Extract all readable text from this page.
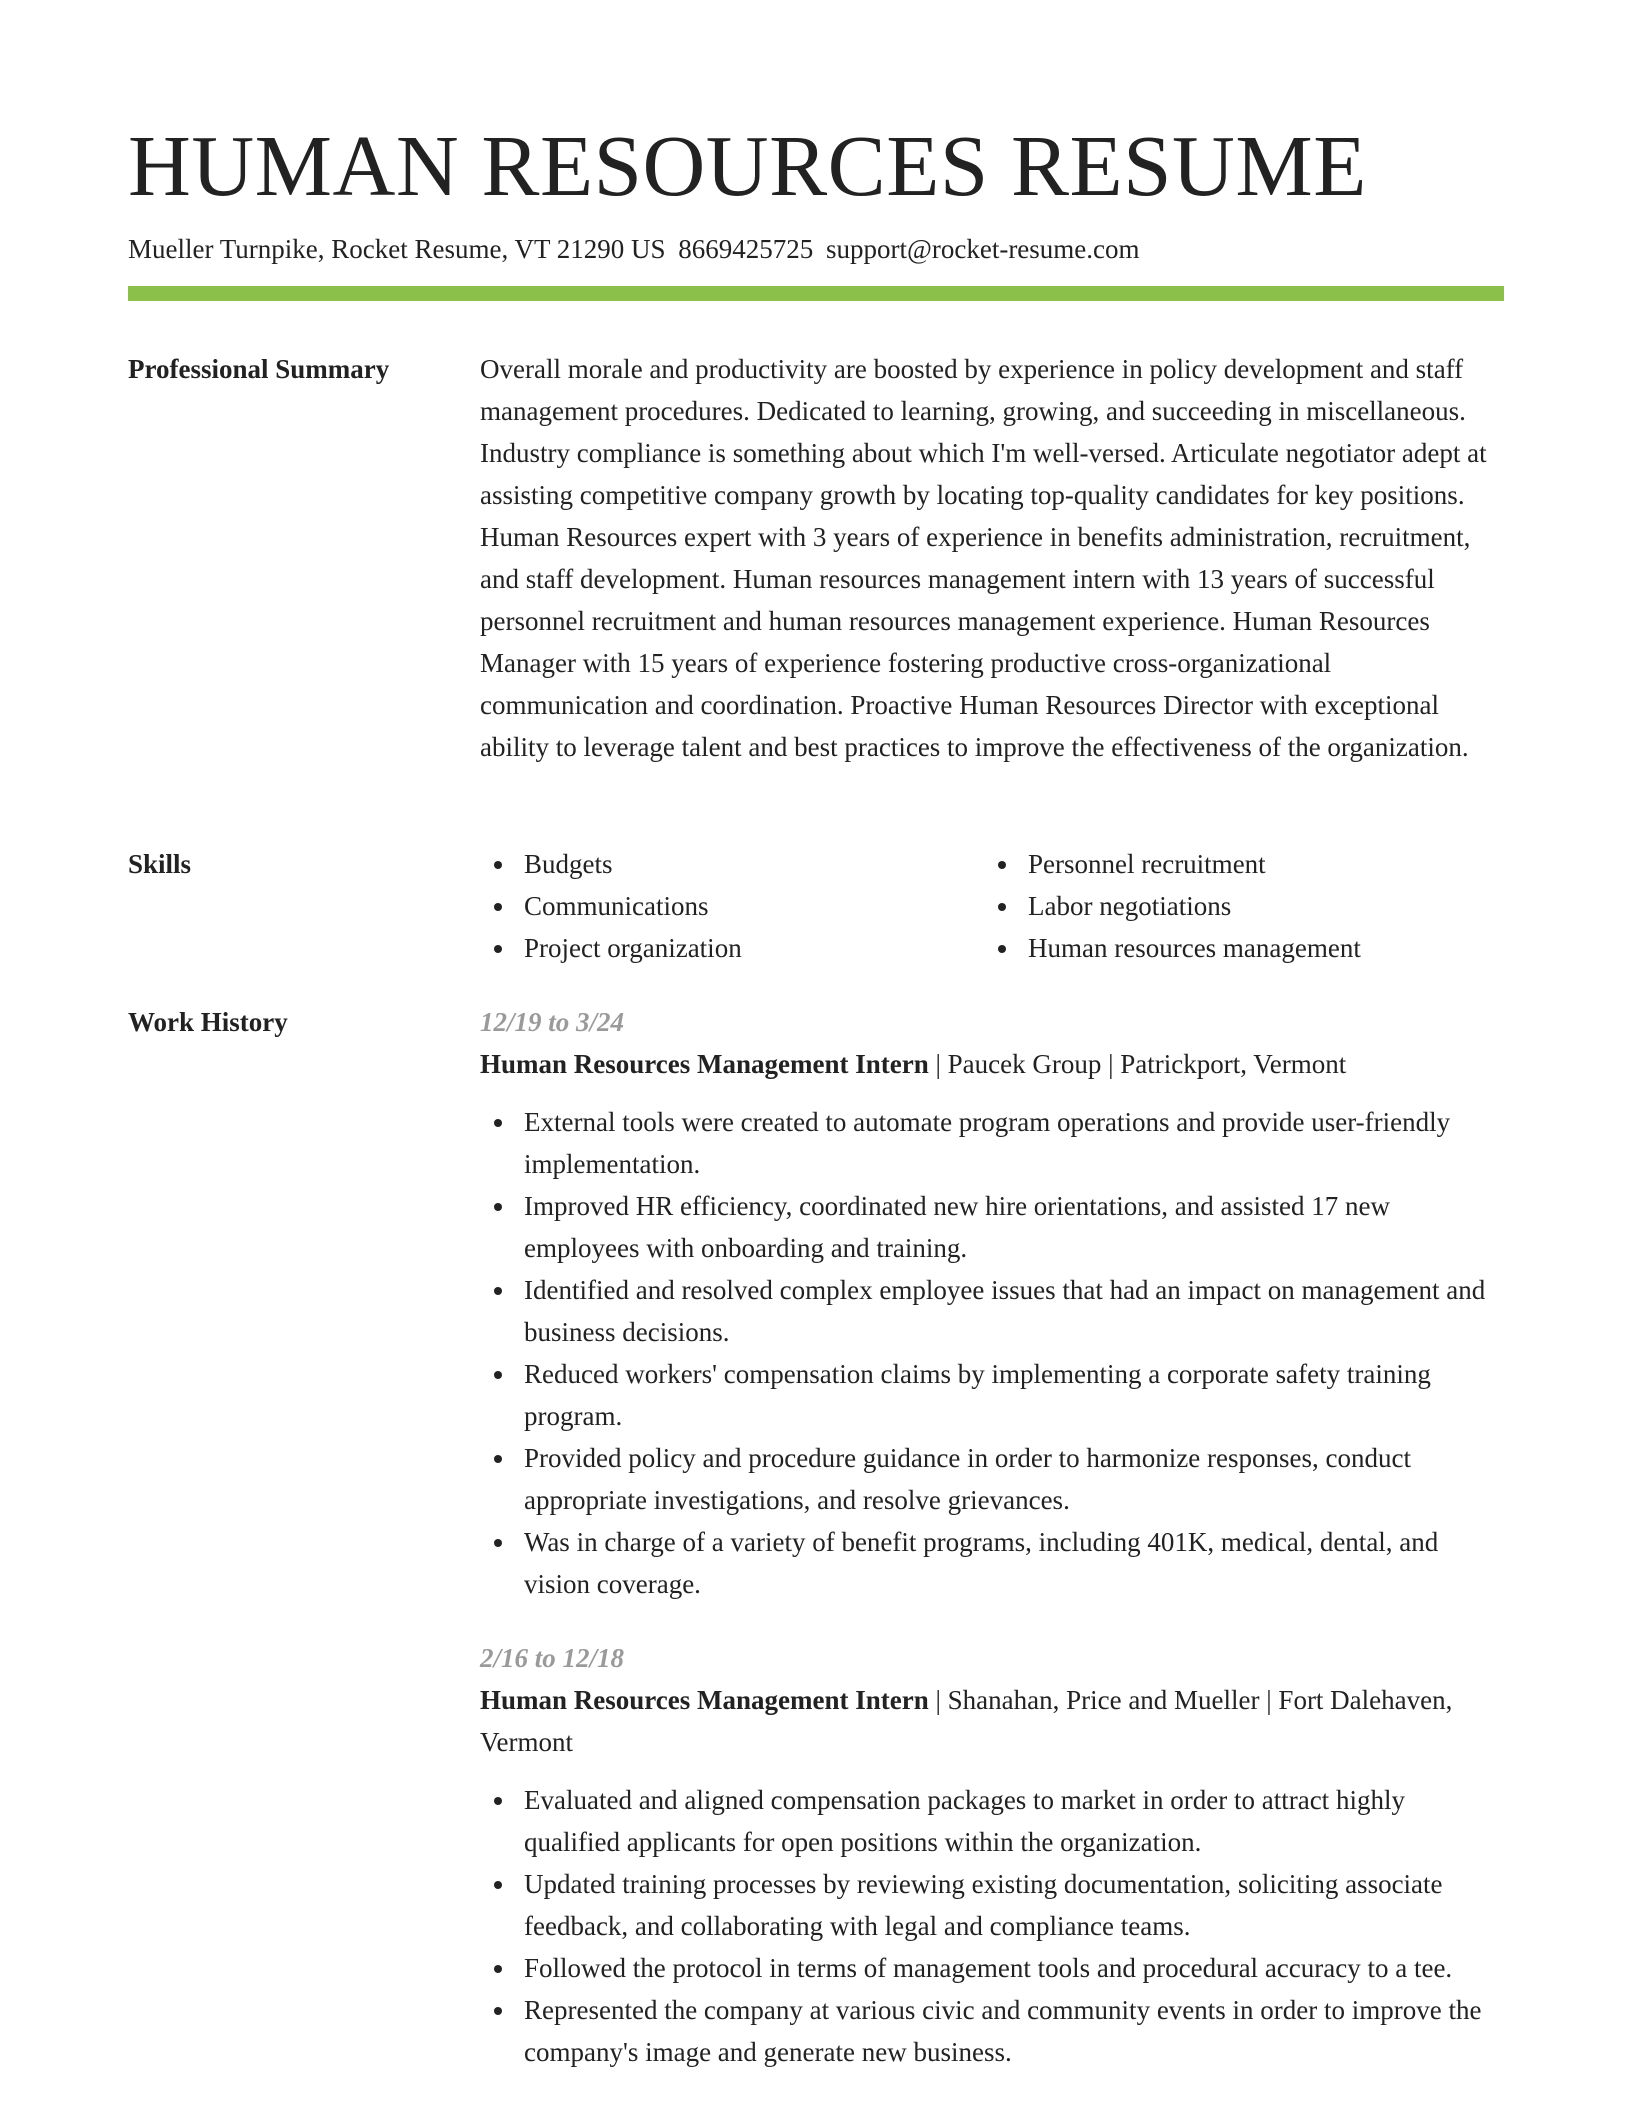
HUMAN RESOURCES RESUME
Mueller Turnpike, Rocket Resume, VT 21290 US 8669425725 support@rocket-resume.com
Professional Summary	Overall morale and productivity are boosted by experience in policy development and staff management procedures. Dedicated to learning, growing, and succeeding in miscellaneous. Industry compliance is something about which I'm well-versed. Articulate negotiator adept at assisting competitive company growth by locating top-quality candidates for key positions. Human Resources expert with 3 years of experience in benefits administration, recruitment, and staff development. Human resources management intern with 13 years of successful personnel recruitment and human resources management experience. Human Resources Manager with 15 years of experience fostering productive cross-organizational communication and coordination. Proactive Human Resources Director with exceptional ability to leverage talent and best practices to improve the effectiveness of the organization.
Skills	Budgets
Communications
Project organization
Personnel recruitment
Labor negotiations
Human resources management
Work History	12/19 to 3/24
Human Resources Management Intern | Paucek Group | Patrickport, Vermont
External tools were created to automate program operations and provide user-friendly implementation.
Improved HR efficiency, coordinated new hire orientations, and assisted 17 new employees with onboarding and training.
Identified and resolved complex employee issues that had an impact on management and business decisions.
Reduced workers' compensation claims by implementing a corporate safety training program.
Provided policy and procedure guidance in order to harmonize responses, conduct appropriate investigations, and resolve grievances.
Was in charge of a variety of benefit programs, including 401K, medical, dental, and vision coverage.
2/16 to 12/18
Human Resources Management Intern | Shanahan, Price and Mueller | Fort Dalehaven, Vermont
Evaluated and aligned compensation packages to market in order to attract highly qualified applicants for open positions within the organization.
Updated training processes by reviewing existing documentation, soliciting associate feedback, and collaborating with legal and compliance teams.
Followed the protocol in terms of management tools and procedural accuracy to a tee.
Represented the company at various civic and community events in order to improve the company's image and generate new business.
